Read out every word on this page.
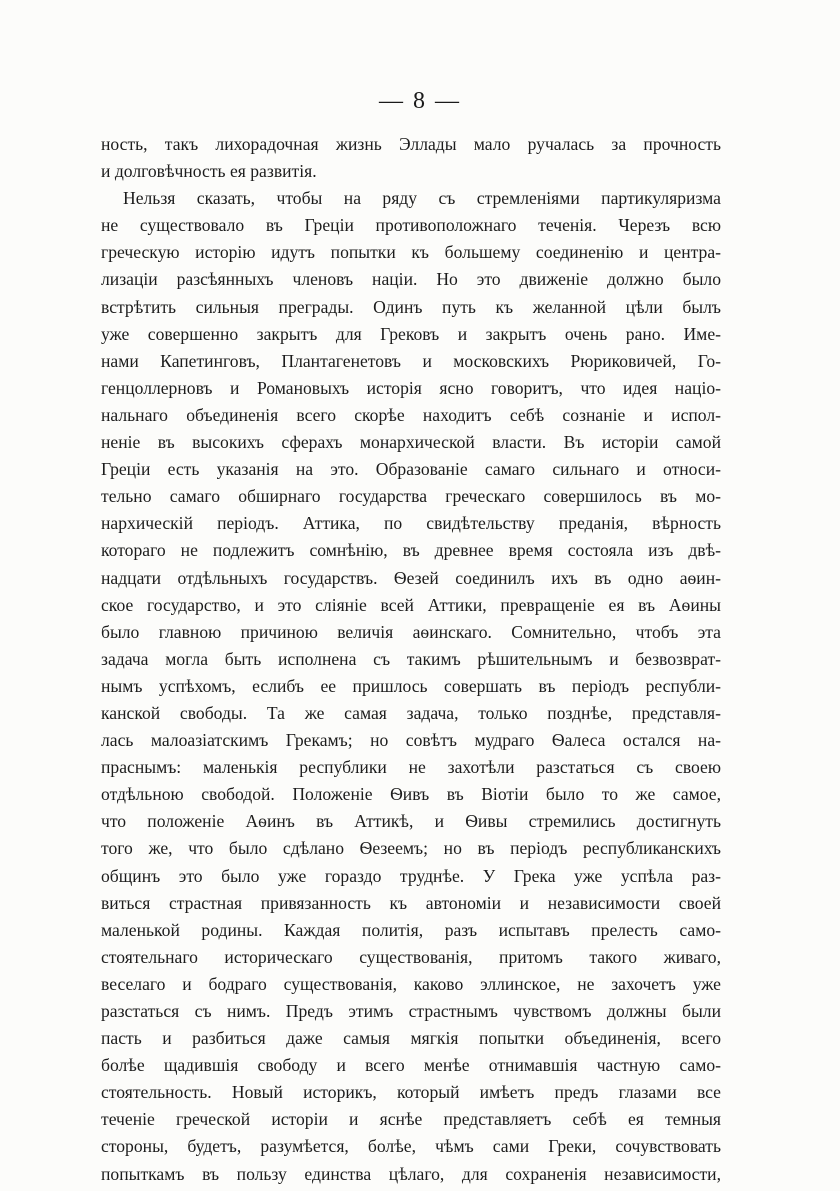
— 8 —
ность, такъ лихорадочная жизнь Эллады мало ручалась за прочность
и долговѣчность ея развитія.
Нельзя сказать, чтобы на ряду съ стремленіями партикуляризма
не существовало въ Греціи противоположнаго теченія. Черезъ всю
греческую исторію идутъ попытки къ большему соединенію и центра-
лизаціи разсѣянныхъ членовъ націи. Но это движеніе должно было
встрѣтить сильныя преграды. Одинъ путь къ желанной цѣли былъ
уже совершенно закрытъ для Грековъ и закрытъ очень рано. Име-
нами Капетинговъ, Плантагенетовъ и московскихъ Рюриковичей, Го-
генцоллерновъ и Романовыхъ исторія ясно говоритъ, что идея націо-
нальнаго объединенія всего скорѣе находитъ себѣ сознаніе и испол-
неніе въ высокихъ сферахъ монархической власти. Въ исторіи самой
Греціи есть указанія на это. Образованіе самаго сильнаго и относи-
тельно самаго обширнаго государства греческаго совершилось въ мо-
нархическій періодъ. Аттика, по свидѣтельству преданія, вѣрность
котораго не подлежитъ сомнѣнію, въ древнее время состояла изъ двѣ-
надцати отдѣльныхъ государствъ. Ѳезей соединилъ ихъ въ одно аѳин-
ское государство, и это сліяніе всей Аттики, превращеніе ея въ Аѳины
было главною причиною величія аѳинскаго. Сомнительно, чтобъ эта
задача могла быть исполнена съ такимъ рѣшительнымъ и безвозврат-
нымъ успѣхомъ, еслибъ ее пришлось совершать въ періодъ республи-
канской свободы. Та же самая задача, только позднѣе, представля-
лась малоазіатскимъ Грекамъ; но совѣтъ мудраго Ѳалеса остался на-
праснымъ: маленькія республики не захотѣли разстаться съ своею
отдѣльною свободой. Положеніе Ѳивъ въ Віотіи было то же самое,
что положеніе Аѳинъ въ Аттикѣ, и Ѳивы стремились достигнуть
того же, что было сдѣлано Ѳезеемъ; но въ періодъ республиканскихъ
общинъ это было уже гораздо труднѣе. У Грека уже успѣла раз-
виться страстная привязанность къ автономіи и независимости своей
маленькой родины. Каждая политія, разъ испытавъ прелесть само-
стоятельнаго историческаго существованія, притомъ такого живаго,
веселаго и бодраго существованія, каково эллинское, не захочетъ уже
разстаться съ нимъ. Предъ этимъ страстнымъ чувствомъ должны были
пасть и разбиться даже самыя мягкія попытки объединенія, всего
болѣе щадившія свободу и всего менѣе отнимавшія частную само-
стоятельность. Новый историкъ, который имѣетъ предъ глазами все
теченіе греческой исторіи и яснѣе представляетъ себѣ ея темныя
стороны, будетъ, разумѣется, болѣе, чѣмъ сами Греки, сочувствовать
попыткамъ въ пользу единства цѣлаго, для сохраненія независимости,
